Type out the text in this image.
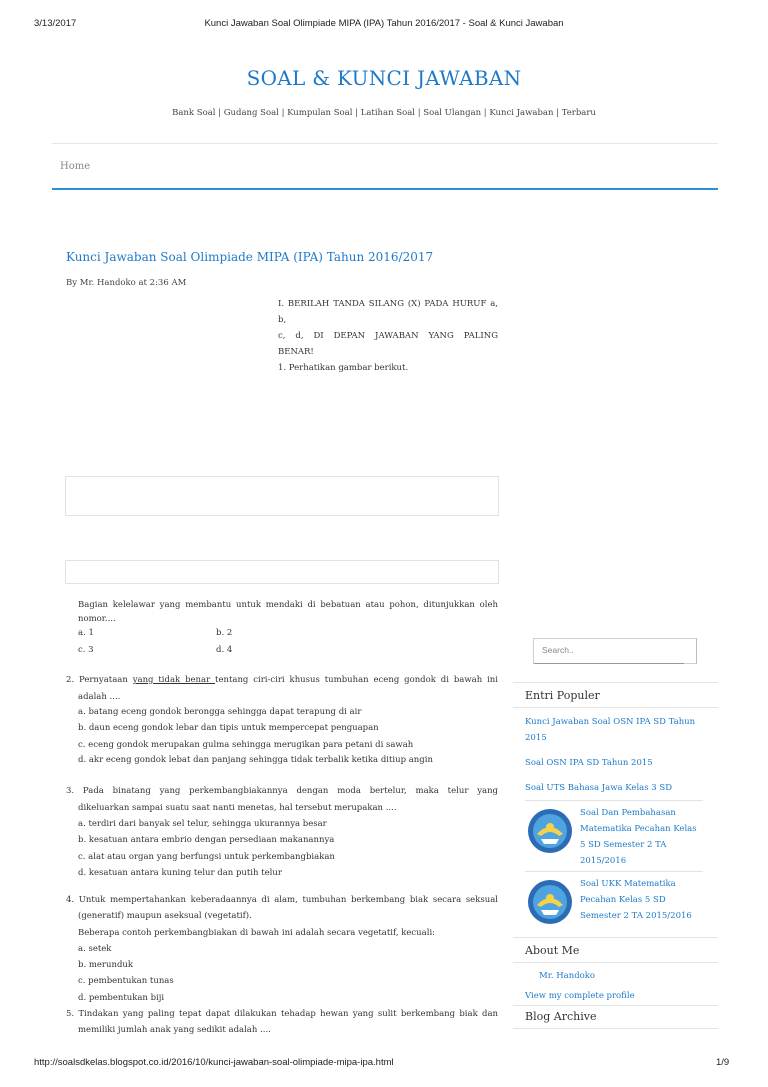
3/13/2017	Kunci Jawaban Soal Olimpiade MIPA (IPA) Tahun 2016/2017 - Soal & Kunci Jawaban
SOAL & KUNCI JAWABAN
Bank Soal | Gudang Soal | Kumpulan Soal | Latihan Soal | Soal Ulangan | Kunci Jawaban | Terbaru
Home
Kunci Jawaban Soal Olimpiade MIPA (IPA) Tahun 2016/2017
By Mr. Handoko at 2:36 AM

I. BERILAH TANDA SILANG (X) PADA HURUF a, b,

c, d, DI DEPAN JAWABAN YANG PALING

BENAR!

1. Perhatikan gambar berikut.

Bagian kelelawar yang membantu untuk mendaki di bebatuan atau pohon, ditunjukkan oleh
nomor....
a. 1	b. 2
c. 3	d. 4
2. Pernyataan yang tidak benar tentang ciri-ciri khusus tumbuhan eceng gondok di bawah ini
adalah ....
a. batang eceng gondok berongga sehingga dapat terapung di air
b. daun eceng gondok lebar dan tipis untuk mempercepat penguapan
c. eceng gondok merupakan gulma sehingga merugikan para petani di sawah
d. akr eceng gondok lebat dan panjang sehingga tidak terbalik ketika ditiup angin
3. Pada binatang yang perkembangbiakannya dengan moda bertelur, maka telur yang
dikeluarkan sampai suatu saat nanti menetas, hal tersebut merupakan ....
a. terdiri dari banyak sel telur, sehingga ukurannya besar
b. kesatuan antara embrio dengan persediaan makanannya
c. alat atau organ yang berfungsi untuk perkembangbiakan
d. kesatuan antara kuning telur dan putih telur
4. Untuk mempertahankan keberadaannya di alam, tumbuhan berkembang biak secara seksual
(generatif) maupun aseksual (vegetatif).
Beberapa contoh perkembangbiakan di bawah ini adalah secara vegetatif, kecuali:
a. setek
b. merunduk
c. pembentukan tunas
d. pembentukan biji
5. Tindakan yang paling tepat dapat dilakukan tehadap hewan yang sulit berkembang biak dan
memiliki jumlah anak yang sedikit adalah ....
Search..
Entri Populer
Kunci Jawaban Soal OSN IPA SD Tahun
2015
Soal OSN IPA SD Tahun 2015
Soal UTS Bahasa Jawa Kelas 3 SD
Soal Dan Pembahasan
Matematika Pecahan Kelas
5 SD Semester 2 TA
2015/2016
Soal UKK Matematika
Pecahan Kelas 5 SD
Semester 2 TA 2015/2016
About Me
Mr. Handoko
View my complete profile
Blog Archive
http://soalsdkelas.blogspot.co.id/2016/10/kunci-jawaban-soal-olimpiade-mipa-ipa.html	1/9
